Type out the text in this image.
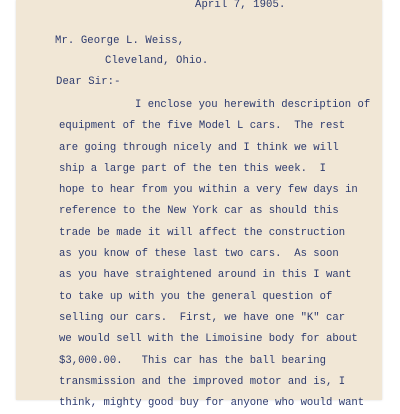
April 7, 1905.
Mr. George L. Weiss,
Cleveland, Ohio.
Dear Sir:-
I enclose you herewith description of
equipment of the five Model L cars.  The rest
are going through nicely and I think we will
ship a large part of the ten this week.  I
hope to hear from you within a very few days in
reference to the New York car as should this
trade be made it will affect the construction
as you know of these last two cars.  As soon
as you have straightened around in this I want
to take up with you the general question of
selling our cars.  First, we have one "K" car
we would sell with the Limoisine body for about
$3,000.00.   This car has the ball bearing
transmission and the improved motor and is, I
think, mighty good buy for anyone who would want
